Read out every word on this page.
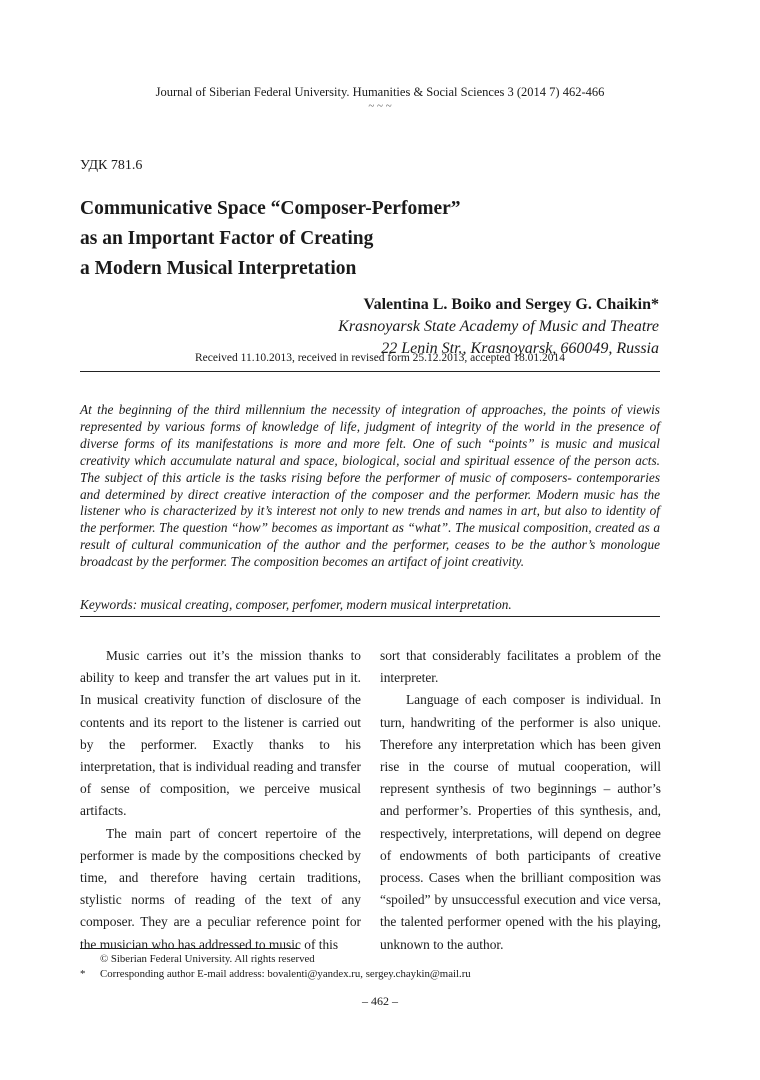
Journal of Siberian Federal University. Humanities & Social Sciences 3 (2014 7) 462-466
~ ~ ~
УДК 781.6
Communicative Space “Composer-Perfomer”
as an Important Factor of Creating
a Modern Musical Interpretation
Valentina L. Boiko and Sergey G. Chaikin*
Krasnoyarsk State Academy of Music and Theatre
22 Lenin Str., Krasnoyarsk, 660049, Russia
Received 11.10.2013, received in revised form 25.12.2013, accepted 18.01.2014
At the beginning of the third millennium the necessity of integration of approaches, the points of viewis represented by various forms of knowledge of life, judgment of integrity of the world in the presence of diverse forms of its manifestations is more and more felt. One of such “points” is music and musical creativity which accumulate natural and space, biological, social and spiritual essence of the person acts. The subject of this article is the tasks rising before the performer of music of composers- contemporaries and determined by direct creative interaction of the composer and the performer. Modern music has the listener who is characterized by it’s interest not only to new trends and names in art, but also to identity of the performer. The question “how” becomes as important as “what”. The musical composition, created as a result of cultural communication of the author and the performer, ceases to be the author’s monologue broadcast by the performer. The composition becomes an artifact of joint creativity.
Keywords: musical creating, composer, perfomer, modern musical interpretation.

Music carries out it’s the mission thanks to ability to keep and transfer the art values put in it. In musical creativity function of disclosure of the contents and its report to the listener is carried out by the performer. Exactly thanks to his interpretation, that is individual reading and transfer of sense of composition, we perceive musical artifacts.

The main part of concert repertoire of the performer is made by the compositions checked by time, and therefore having certain traditions, stylistic norms of reading of the text of any composer. They are a peculiar reference point for the musician who has addressed to music of this

sort that considerably facilitates a problem of the interpreter.

Language of each composer is individual. In turn, handwriting of the performer is also unique. Therefore any interpretation which has been given rise in the course of mutual cooperation, will represent synthesis of two beginnings – author’s and performer’s. Properties of this synthesis, and, respectively, interpretations, will depend on degree of endowments of both participants of creative process. Cases when the brilliant composition was “spoiled” by unsuccessful execution and vice versa, the talented performer opened with the his playing, unknown to the author.

© Siberian Federal University. All rights reserved
* Corresponding author E-mail address: bovalenti@yandex.ru, sergey.chaykin@mail.ru
– 462 –
